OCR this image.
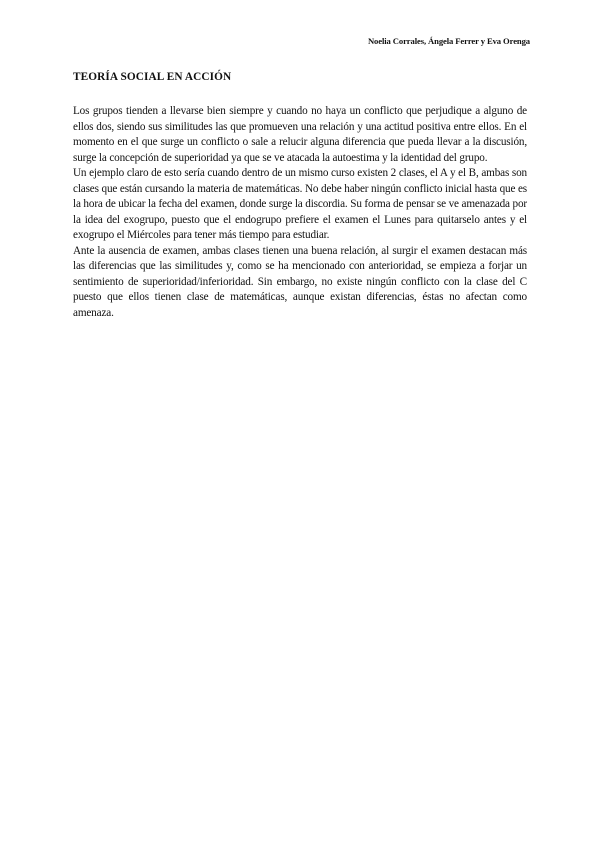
Noelia Corrales, Ángela Ferrer y Eva Orenga
TEORÍA SOCIAL EN ACCIÓN

Los grupos tienden a llevarse bien siempre y cuando no haya un conflicto que perjudique a alguno de ellos dos, siendo sus similitudes las que promueven una relación y una actitud positiva entre ellos. En el momento en el que surge un conflicto o sale a relucir alguna diferencia que pueda llevar a la discusión, surge la concepción de superioridad ya que se ve atacada la autoestima y la identidad del grupo.

Un ejemplo claro de esto sería cuando dentro de un mismo curso existen 2 clases, el A y el B, ambas son clases que están cursando la materia de matemáticas. No debe haber ningún conflicto inicial hasta que es la hora de ubicar la fecha del examen, donde surge la discordia. Su forma de pensar se ve amenazada por la idea del exogrupo, puesto que el endogrupo prefiere el examen el Lunes para quitarselo antes y el exogrupo el Miércoles para tener más tiempo para estudiar.

Ante la ausencia de examen, ambas clases tienen una buena relación, al surgir el examen destacan más las diferencias que las similitudes y, como se ha mencionado con anterioridad, se empieza a forjar un sentimiento de superioridad/inferioridad. Sin embargo, no existe ningún conflicto con la clase del C puesto que ellos tienen clase de matemáticas, aunque existan diferencias, éstas no afectan como amenaza.
